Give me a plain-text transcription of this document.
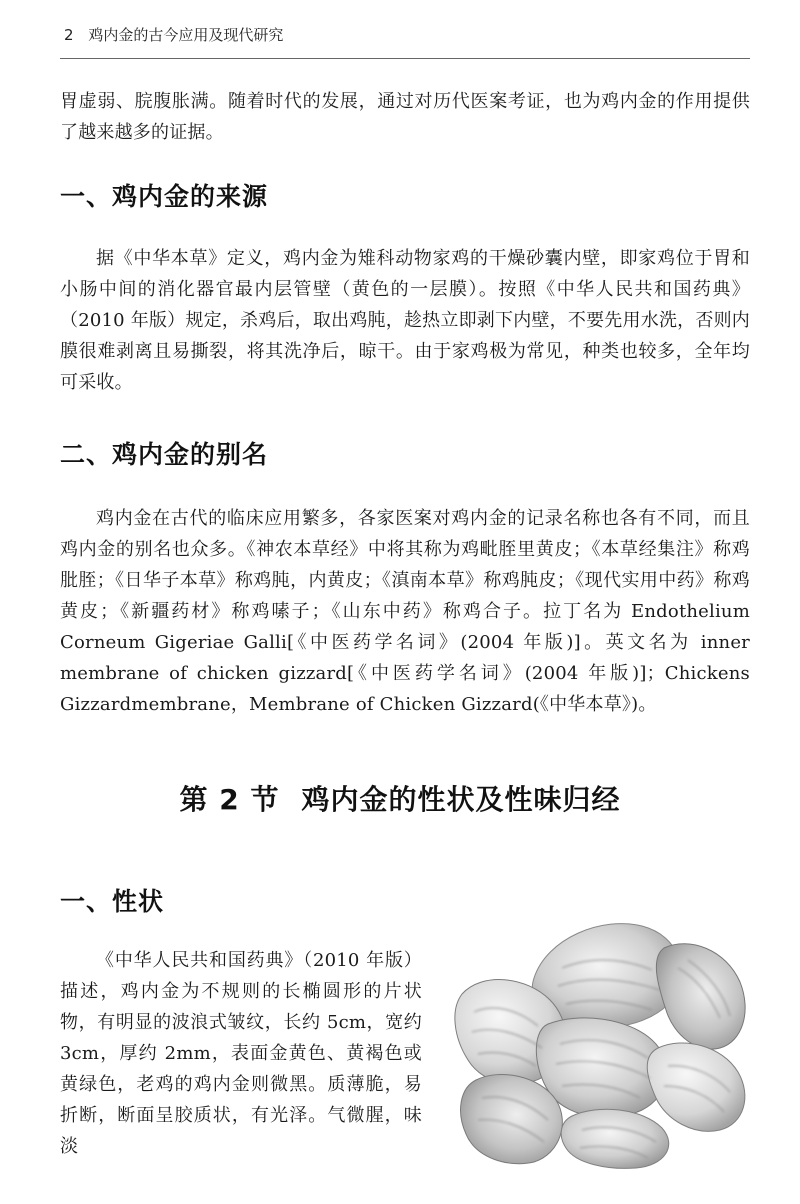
2 鸡内金的古今应用及现代研究

胃虚弱、脘腹胀满。随着时代的发展，通过对历代医案考证，也为鸡内金的作用提供了越来越多的证据。

一、鸡内金的来源

据《中华本草》定义，鸡内金为雉科动物家鸡的干燥砂囊内壁，即家鸡位于胃和小肠中间的消化器官最内层管壁（黄色的一层膜）。按照《中华人民共和国药典》（2010 年版）规定，杀鸡后，取出鸡肫，趁热立即剥下内壁，不要先用水洗，否则内膜很难剥离且易撕裂，将其洗净后，晾干。由于家鸡极为常见，种类也较多，全年均可采收。

二、鸡内金的别名

鸡内金在古代的临床应用繁多，各家医案对鸡内金的记录名称也各有不同，而且鸡内金的别名也众多。《神农本草经》中将其称为鸡毗胵里黄皮；《本草经集注》称鸡肶胵；《日华子本草》称鸡肫，内黄皮；《滇南本草》称鸡肫皮；《现代实用中药》称鸡黄皮；《新疆药材》称鸡嗉子；《山东中药》称鸡合子。拉丁名为 Endothelium Corneum Gigeriae Galli[《中医药学名词》(2004 年版)]。英文名为 inner membrane of chicken gizzard[《中医药学名词》(2004 年版)]；Chickens Gizzardmembrane，Membrane of Chicken Gizzard(《中华本草》)。

第 2 节 鸡内金的性状及性味归经
一、性状

《中华人民共和国药典》（2010 年版）描述，鸡内金为不规则的长椭圆形的片状物，有明显的波浪式皱纹，长约 5cm，宽约 3cm，厚约 2mm，表面金黄色、黄褐色或黄绿色，老鸡的鸡内金则微黑。质薄脆，易折断，断面呈胶质状，有光泽。气微腥，味淡
